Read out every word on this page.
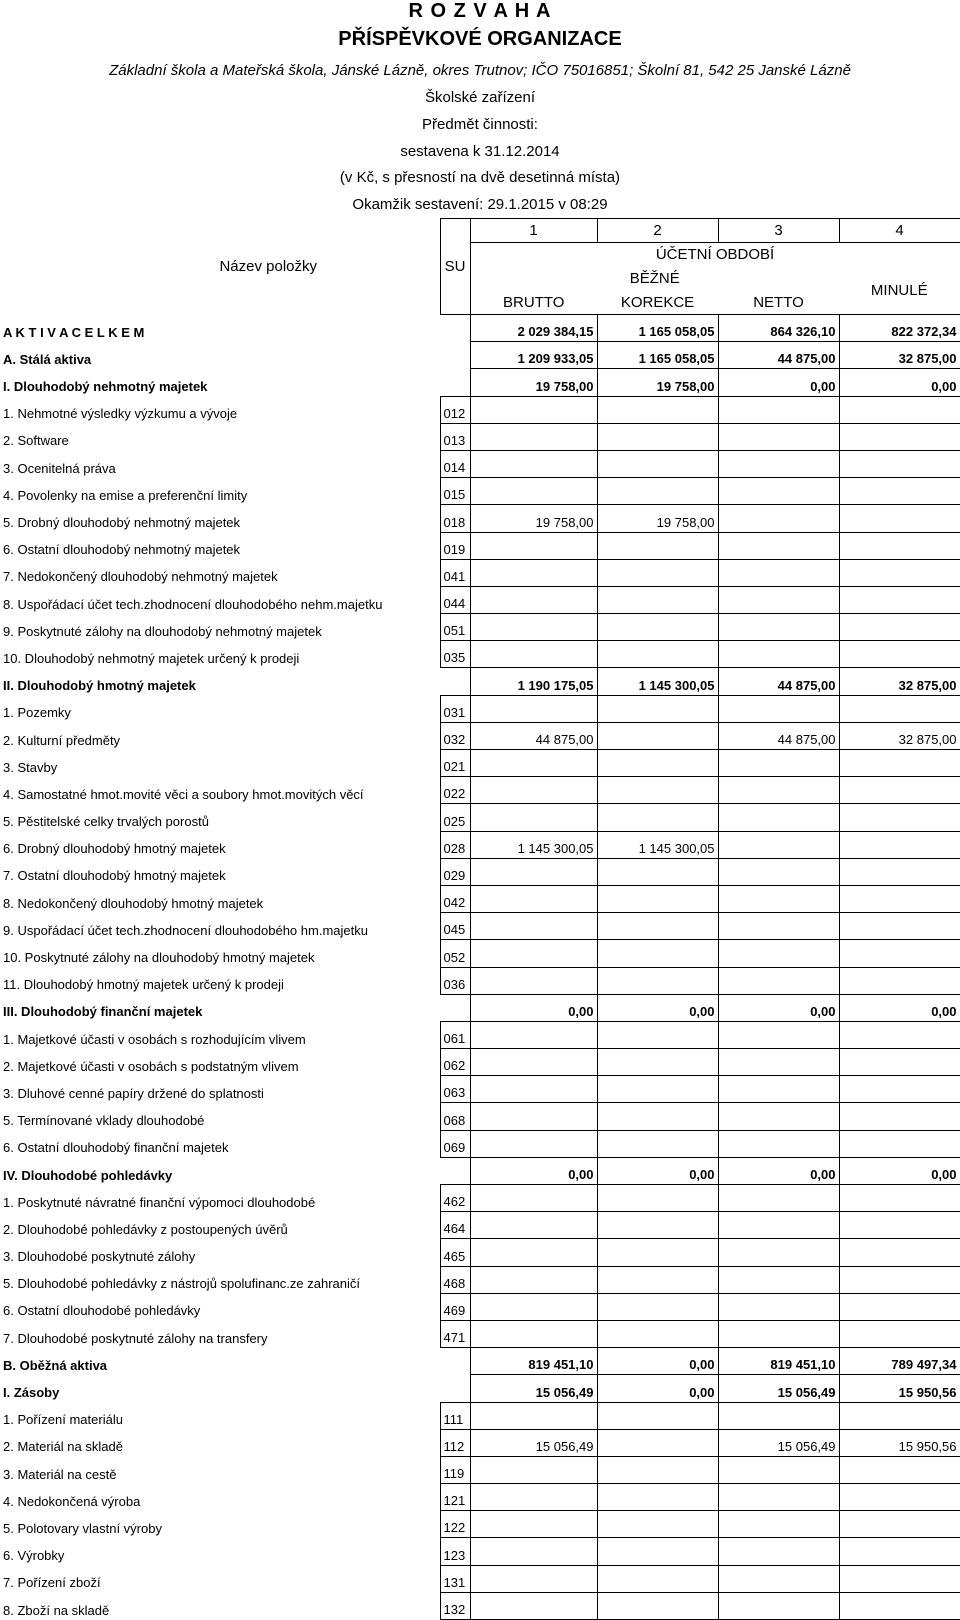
R O Z V A H A
PŘÍSPĚVKOVÉ ORGANIZACE
Základní škola a Mateřská škola, Jánské Lázně, okres Trutnov; IČO 75016851; Školní 81, 542 25 Janské Lázně
Školské zařízení
Předmět činnosti:
sestavena k 31.12.2014
(v Kč, s přesností na dvě desetinná místa)
Okamžik sestavení: 29.1.2015 v 08:29
Název položky	SU	1	2	3	4
		ÚČETNÍ OBDOBÍ			
		BĚŽNÉ			MINULÉ
		BRUTTO	KOREKCE	NETTO	
A K T I V A C E L K E M		2 029 384,15	1 165 058,05	864 326,10	822 372,34
A. Stálá aktiva		1 209 933,05	1 165 058,05	44 875,00	32 875,00
I. Dlouhodobý nehmotný majetek		19 758,00	19 758,00	0,00	0,00
1. Nehmotné výsledky výzkumu a vývoje	012				
2. Software	013				
3. Ocenitelná práva	014				
4. Povolenky na emise a preferenční limity	015				
5. Drobný dlouhodobý nehmotný majetek	018	19 758,00	19 758,00		
6. Ostatní dlouhodobý nehmotný majetek	019				
7. Nedokončený dlouhodobý nehmotný majetek	041				
8. Uspořádací účet tech.zhodnocení dlouhodobého nehm.majetku	044				
9. Poskytnuté zálohy na dlouhodobý nehmotný majetek	051				
10. Dlouhodobý nehmotný majetek určený k prodeji	035				
II. Dlouhodobý hmotný majetek		1 190 175,05	1 145 300,05	44 875,00	32 875,00
1. Pozemky	031				
2. Kulturní předměty	032	44 875,00		44 875,00	32 875,00
3. Stavby	021				
4. Samostatné hmot.movité věci a soubory hmot.movitých věcí	022				
5. Pěstitelské celky trvalých porostů	025				
6. Drobný dlouhodobý hmotný majetek	028	1 145 300,05	1 145 300,05		
7. Ostatní dlouhodobý hmotný majetek	029				
8. Nedokončený dlouhodobý hmotný majetek	042				
9. Uspořádací účet tech.zhodnocení dlouhodobého hm.majetku	045				
10. Poskytnuté zálohy na dlouhodobý hmotný majetek	052				
11. Dlouhodobý hmotný majetek určený k prodeji	036				
III. Dlouhodobý finanční majetek		0,00	0,00	0,00	0,00
1. Majetkové účasti v osobách s rozhodujícím vlivem	061				
2. Majetkové účasti v osobách s podstatným vlivem	062				
3. Dluhové cenné papíry držené do splatnosti	063				
5. Termínované vklady dlouhodobé	068				
6. Ostatní dlouhodobý finanční majetek	069				
IV. Dlouhodobé pohledávky		0,00	0,00	0,00	0,00
1. Poskytnuté návratné finanční výpomoci dlouhodobé	462				
2. Dlouhodobé pohledávky z postoupených úvěrů	464				
3. Dlouhodobé poskytnuté zálohy	465				
5. Dlouhodobé pohledávky z nástrojů spolufinanc.ze zahraničí	468				
6. Ostatní dlouhodobé pohledávky	469				
7. Dlouhodobé poskytnuté zálohy na transfery	471				
B. Oběžná aktiva		819 451,10	0,00	819 451,10	789 497,34
I. Zásoby		15 056,49	0,00	15 056,49	15 950,56
1. Pořízení materiálu	111				
2. Materiál na skladě	112	15 056,49		15 056,49	15 950,56
3. Materiál na cestě	119				
4. Nedokončená výroba	121				
5. Polotovary vlastní výroby	122				
6. Výrobky	123				
7. Pořízení zboží	131				
8. Zboží na skladě	132				
